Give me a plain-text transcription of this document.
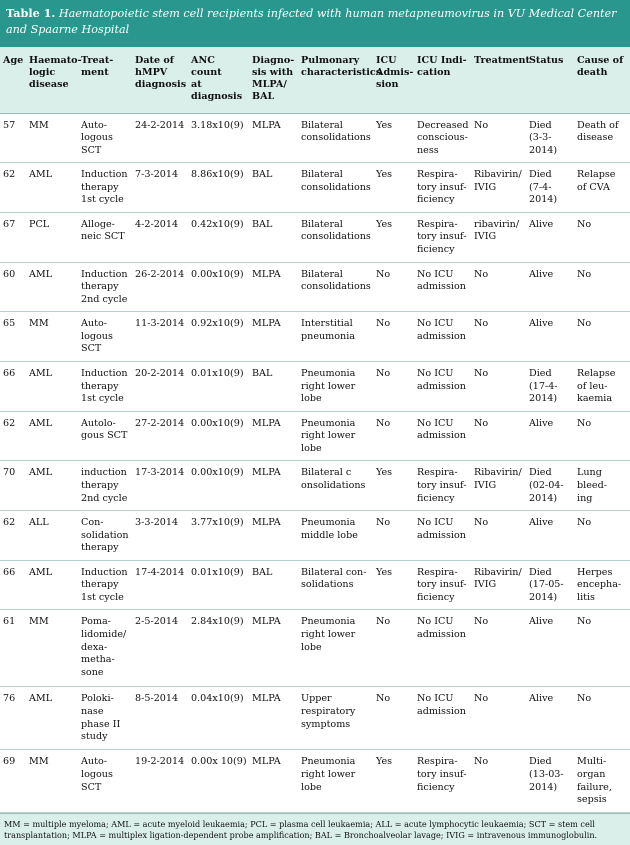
Table 1. Haematopoietic stem cell recipients infected with human metapneumovirus in VU Medical Center and Spaarne Hospital
Age	Haemato-
logic
disease	Treat-
ment	Date of
hMPV
diagnosis	ANC count
at
diagnosis	Diagno-
sis with
MLPA/
BAL	Pulmonary
characteristics	ICU
Admis-
sion	ICU Indi-
cation	Treatment	Status	Cause of
death
57	MM	Auto-
logous
SCT	24-2-2014	3.18x10(9)	MLPA	Bilateral
consolidations	Yes	Decreased
conscious-
ness	No	Died
(3-3-
2014)	Death of
disease
62	AML	Induction
therapy
1st cycle	7-3-2014	8.86x10(9)	BAL	Bilateral
consolidations	Yes	Respira-
tory insuf-
ficiency	Ribavirin/
IVIG	Died
(7-4-
2014)	Relapse
of CVA
67	PCL	Alloge-
neic SCT	4-2-2014	0.42x10(9)	BAL	Bilateral
consolidations	Yes	Respira-
tory insuf-
ficiency	ribavirin/
IVIG	Alive	No
60	AML	Induction
therapy
2nd cycle	26-2-2014	0.00x10(9)	MLPA	Bilateral
consolidations	No	No ICU
admission	No	Alive	No
65	MM	Auto-
logous
SCT	11-3-2014	0.92x10(9)	MLPA	Interstitial
pneumonia	No	No ICU
admission	No	Alive	No
66	AML	Induction
therapy
1st cycle	20-2-2014	0.01x10(9)	BAL	Pneumonia
right lower
lobe	No	No ICU
admission	No	Died
(17-4-
2014)	Relapse
of leu-
kaemia
62	AML	Autolo-
gous SCT	27-2-2014	0.00x10(9)	MLPA	Pneumonia
right lower
lobe	No	No ICU
admission	No	Alive	No
70	AML	induction
therapy
2nd cycle	17-3-2014	0.00x10(9)	MLPA	Bilateral c
onsolidations	Yes	Respira-
tory insuf-
ficiency	Ribavirin/
IVIG	Died
(02-04-
2014)	Lung
bleed-
ing
62	ALL	Con-
solidation
therapy	3-3-2014	3.77x10(9)	MLPA	Pneumonia
middle lobe	No	No ICU
admission	No	Alive	No
66	AML	Induction
therapy
1st cycle	17-4-2014	0.01x10(9)	BAL	Bilateral con-
solidations	Yes	Respira-
tory insuf-
ficiency	Ribavirin/
IVIG	Died
(17-05-
2014)	Herpes
encepha-
litis
61	MM	Poma-
lidomide/
dexa-
metha-
sone	2-5-2014	2.84x10(9)	MLPA	Pneumonia
right lower
lobe	No	No ICU
admission	No	Alive	No
76	AML	Poloki-
nase
phase II
study	8-5-2014	0.04x10(9)	MLPA	Upper
respiratory
symptoms	No	No ICU
admission	No	Alive	No
69	MM	Auto-
logous
SCT	19-2-2014	0.00x 10(9)	MLPA	Pneumonia
right lower
lobe	Yes	Respira-
tory insuf-
ficiency	No	Died
(13-03-
2014)	Multi-
organ
failure,
sepsis
MM = multiple myeloma; AML = acute myeloid leukaemia; PCL = plasma cell leukaemia; ALL = acute lymphocytic leukaemia; SCT = stem cell transplantation; MLPA = multiplex ligation-dependent probe amplification; BAL = Bronchoalveolar lavage; IVIG = intravenous immunoglobulin.
